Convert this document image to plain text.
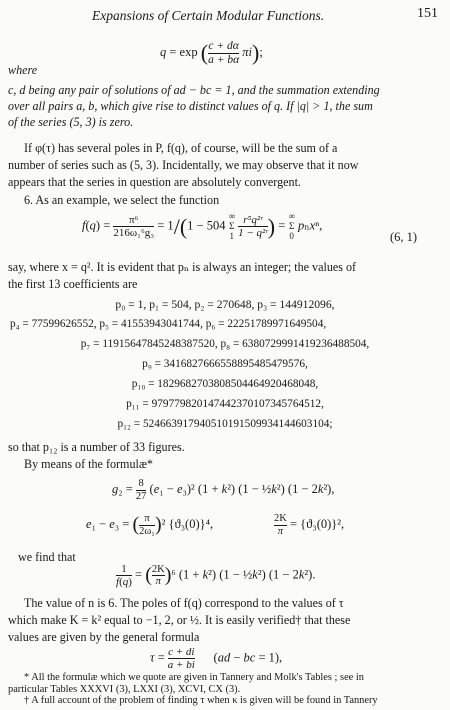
Expansions of Certain Modular Functions.	151
where
q = exp ( $\frac{c + d\alpha}{a + b\alpha} \pi i$);
c, d being any pair of solutions of ad − bc = 1, and the summation extending
over all pairs a, b, which give rise to distinct values of q. If |q| > 1, the sum
of the series (5, 3) is zero.
If φ(τ) has several poles in P, f(q), of course, will be the sum of a
number of series such as (5, 3). Incidentally, we may observe that it now
appears that the series in question are absolutely convergent.
6. As an example, we select the function
$f(q) = \frac{\text{π⁶}}{\text{216ω₁⁶g₃}} = 1/(1 - 504$
∞
Σ
1
$\frac{\text{r⁵q²ʳ}}{\text{1 − q²ʳ}}$ ) =
∞
Σ
0
pₙxⁿ,
(6, 1)
say, where x = q². It is evident that pₙ is always an integer; the values of
the first 13 coefficients are
p₀ = 1, p₁ = 504, p₂ = 270648, p₃ = 144912096,
p₄ = 77599626552, p₅ = 41553943041744, p₆ = 22251789971649504,
p₇ = 11915647845248387520, p₈ = 6380729991419236488504,
p₉ = 3416827666558895485479576,
p₁₀ = 1829682703808504464920468048,
p₁₁ = 979779820147442370107345764512,
p₁₂ = 524663917940510191509934144603104;
so that p₁₂ is a number of 33 figures.
By means of the formulæ*
$g_2 = \frac{8}{27} (e_1 - e_3)^2$ (1 + k²) (1 − ½k²) (1 − 2k²),
e₁ − e₃ = ( $\frac{\pi}{\text{2ω₁}} )^2$ {ϑ₃(0)}⁴,	$\frac{2K}{\pi} = \{ϑ_3(0)\}^2$,
we find that
$\frac{1}{f(q)}$ = ( $\frac{2K}{\pi} )^6$ (1 + k²) (1 − ½k²) (1 − 2k²).
The value of n is 6. The poles of f(q) correspond to the values of τ
which make K = k² equal to −1, 2, or ½. It is easily verified† that these
values are given by the general formula
$\tau = \frac{c + di}{a + bi} (ad$ − bc = 1),
* All the formulæ which we quote are given in Tannery and Molk's Tables ; see in
particular Tables XXXVI (3), LXXI (3), XCVI, CX (3).
† A full account of the problem of finding τ when κ is given will be found in Tannery
